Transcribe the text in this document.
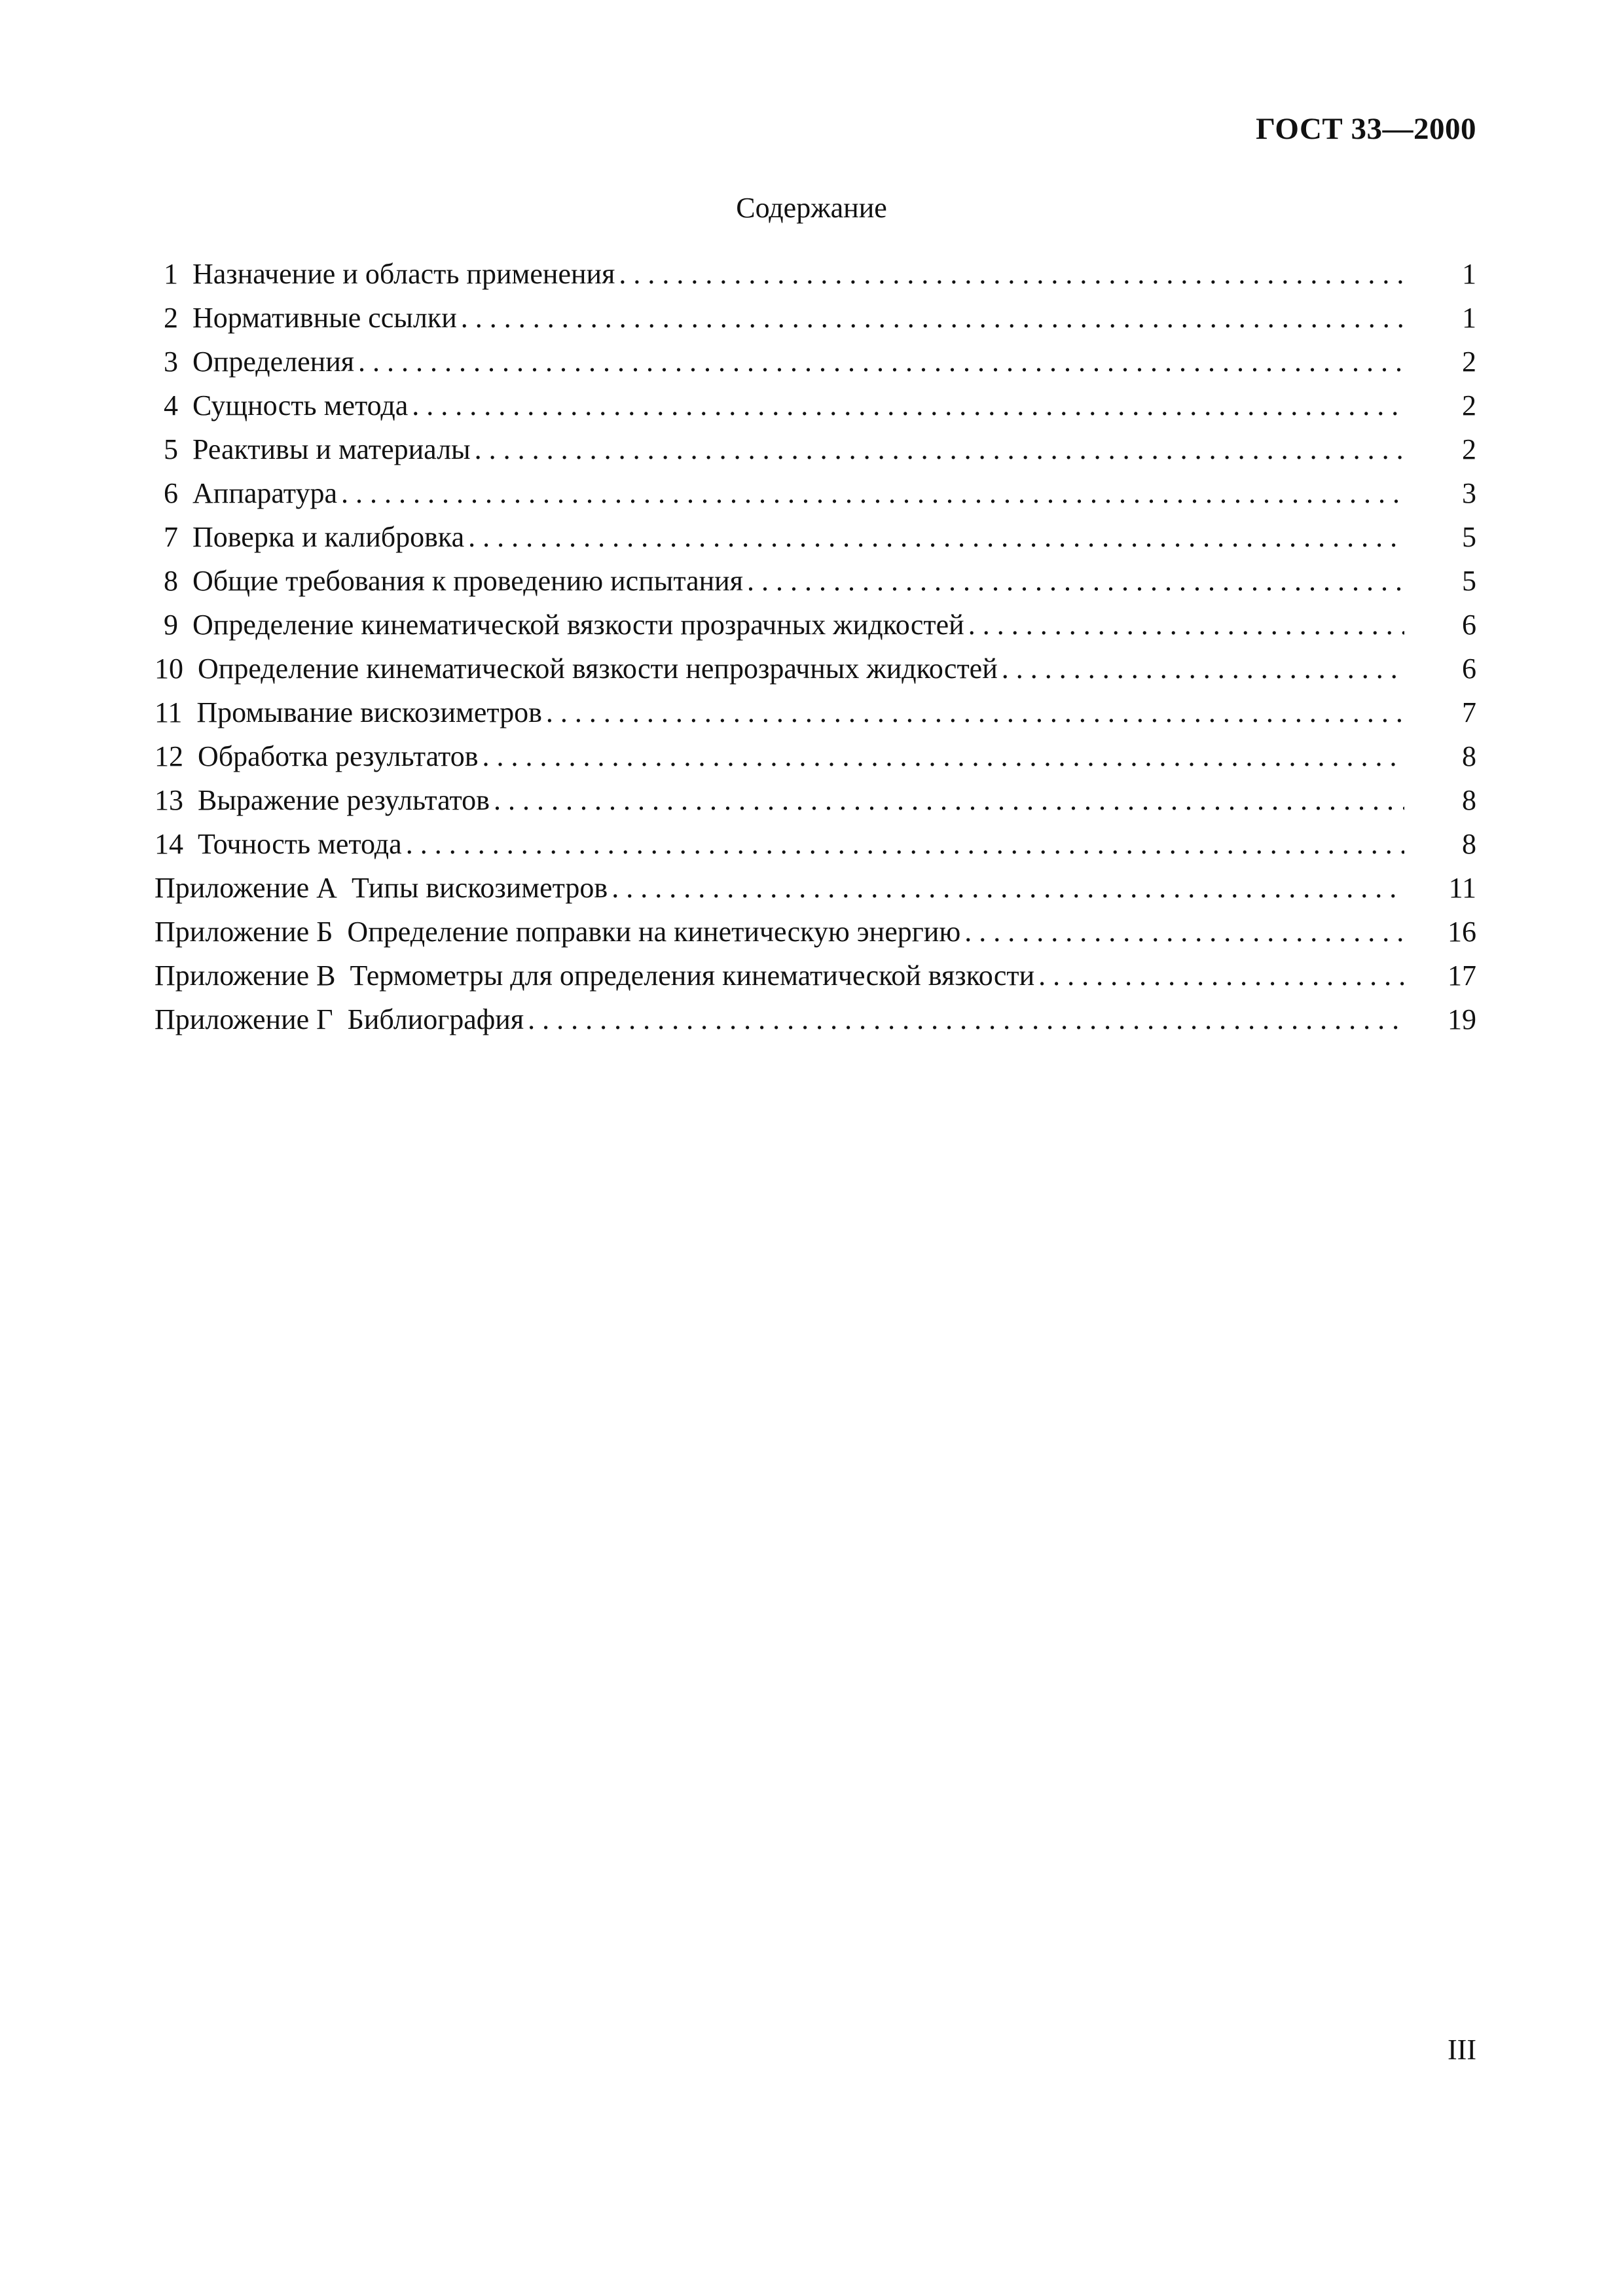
ГОСТ 33—2000
Содержание
1 Назначение и область применения . . .	1
2 Нормативные ссылки . . .	1
3 Определения . . .	2
4 Сущность метода . . .	2
5 Реактивы и материалы . . .	2
6 Аппаратура . . .	3
7 Поверка и калибровка . . .	5
8 Общие требования к проведению испытания . . .	5
9 Определение кинематической вязкости прозрачных жидкостей . . .	6
10 Определение кинематической вязкости непрозрачных жидкостей . . .	6
11 Промывание вискозиметров . . .	7
12 Обработка результатов . . .	8
13 Выражение результатов . . .	8
14 Точность метода . . .	8
Приложение А Типы вискозиметров . . .	11
Приложение Б Определение поправки на кинетическую энергию . . .	16
Приложение В Термометры для определения кинематической вязкости . . .	17
Приложение Г Библиография . . .	19
III
